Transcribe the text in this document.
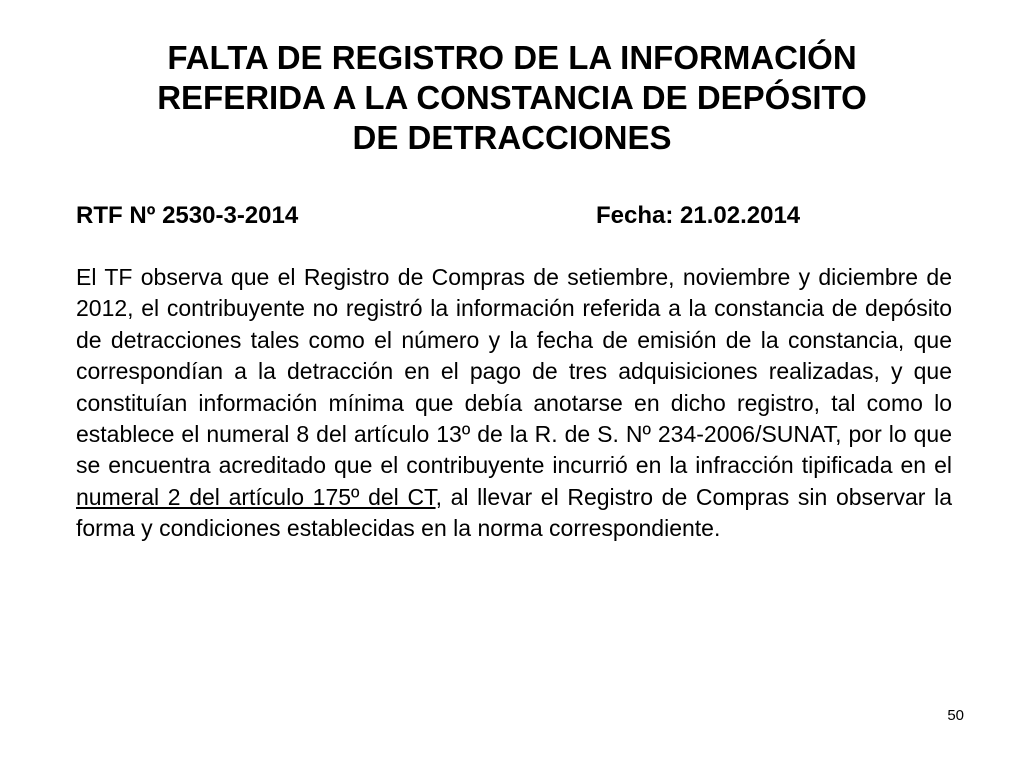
FALTA DE REGISTRO DE LA INFORMACIÓN
REFERIDA A LA CONSTANCIA DE DEPÓSITO
DE DETRACCIONES
RTF Nº 2530-3-2014	Fecha: 21.02.2014

El TF observa que el Registro de Compras de setiembre, noviembre y diciembre de 2012, el contribuyente no registró la información referida a la constancia de depósito de detracciones tales como el número y la fecha de emisión de la constancia, que correspondían a la detracción en el pago de tres adquisiciones realizadas, y que constituían información mínima que debía anotarse en dicho registro, tal como lo establece el numeral 8 del artículo 13º de la R. de S. Nº 234-2006/SUNAT, por lo que se encuentra acreditado que el contribuyente incurrió en la infracción tipificada en el numeral 2 del artículo 175º del CT, al llevar el Registro de Compras sin observar la forma y condiciones establecidas en la norma correspondiente.

50
